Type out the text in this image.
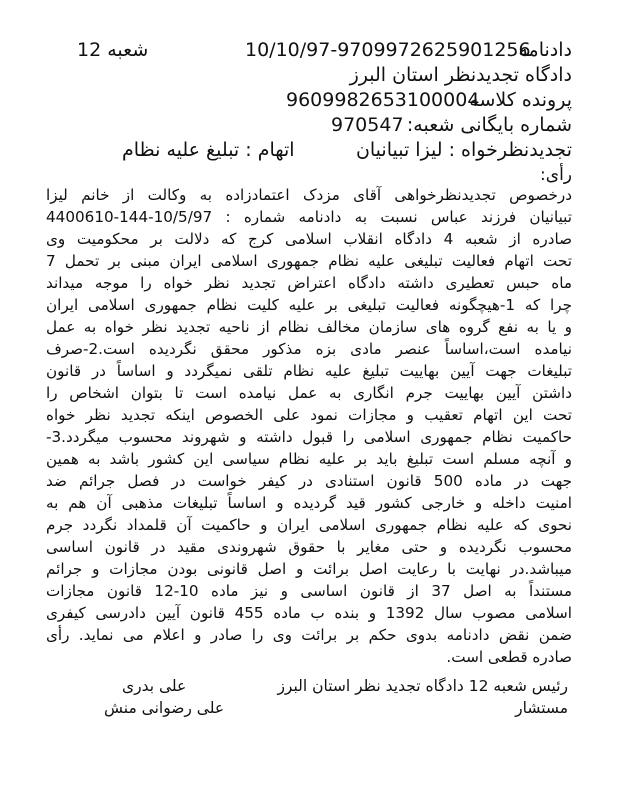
دادنامه
10/10/97-9709972625901256
شعبه 12
دادگاه تجدیدنظر استان البرز
پرونده کلاسه
9609982653100004
شماره بایگانی شعبه:
970547
تجدیدنظرخواه : لیزا تبیانیان
اتهام : تبلیغ علیه نظام
رأی:
درخصوص تجدیدنظرخواهی آقای مزدک اعتمادزاده به وکالت از خانم لیزا
تبیانیان فرزند عباس نسبت به دادنامه شماره : 10/5/97-144-4400610
صادره از شعبه 4 دادگاه انقلاب اسلامی کرج که دلالت بر محکومیت وی
تحت اتهام فعالیت تبلیغی علیه نظام جمهوری اسلامی ایران مبنی بر تحمل 7
ماه حبس تعطیری داشته دادگاه اعتراض تجدید نظر خواه را موجه میداند
چرا که 1-هیچگونه فعالیت تبلیغی بر علیه کلیت نظام جمهوری اسلامی ایران
و یا به نفع گروه های سازمان مخالف نظام از ناحیه تجدید نظر خواه به عمل
نیامده است،اساساً عنصر مادی بزه مذکور محقق نگردیده است.2-صرف
تبلیغات جهت آیین بهاییت تبلیغ علیه نظام تلقی نمیگردد و اساساً در قانون
داشتن آیین بهاییت جرم انگاری به عمل نیامده است تا بتوان اشخاص را
تحت این اتهام تعقیب و مجازات نمود علی الخصوص اینکه تجدید نظر خواه
حاکمیت نظام جمهوری اسلامی را قبول داشته و شهروند محسوب میگردد.3-
و آنچه مسلم است تبلیغ باید بر علیه نظام سیاسی این کشور باشد به همین
جهت در ماده 500 قانون استنادی در کیفر خواست در فصل جرائم ضد
امنیت داخله و خارجی کشور قید گردیده و اساساً تبلیغات مذهبی آن هم به
نحوی که علیه نظام جمهوری اسلامی ایران و حاکمیت آن قلمداد نگردد جرم
محسوب نگردیده و حتی مغایر با حقوق شهروندی مقید در قانون اساسی
میباشد.در نهایت با رعایت اصل برائت و اصل قانونی بودن مجازات و جرائم
مستنداً به اصل 37 از قانون اساسی و نیز ماده 10-12 قانون مجازات
اسلامی مصوب سال 1392 و بنده ب ماده 455 قانون آیین دادرسی کیفری
ضمن نقض دادنامه بدوی حکم بر برائت وی را صادر و اعلام می نماید. رأی
صادره قطعی است.
رئیس شعبه 12 دادگاه تجدید نظر استان البرز
علی بدری
مستشار
علی رضوانی منش
